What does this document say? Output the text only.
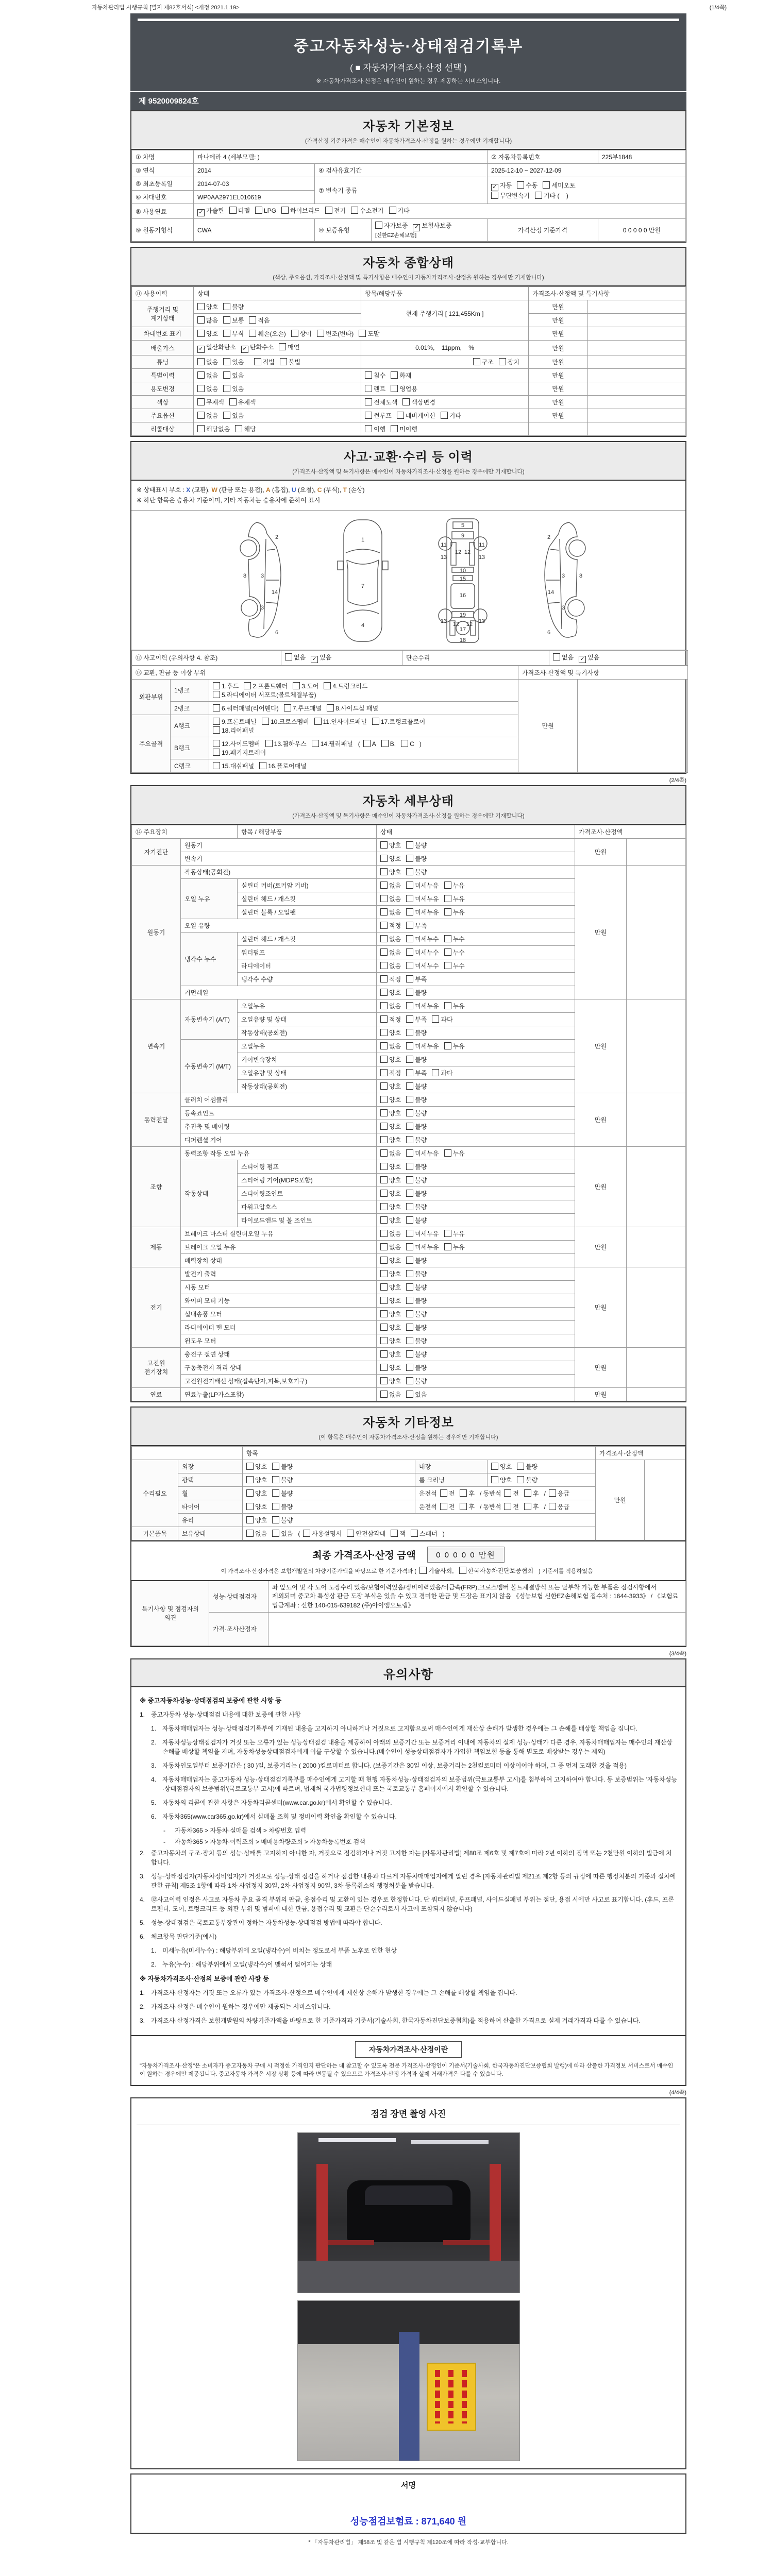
자동차관리법 시행규칙 [별지 제82호서식] <개정 2021.1.19>	(1/4쪽)
중고자동차성능·상태점검기록부
( ■ 자동차가격조사·산정 선택 )
※ 자동차가격조사·산정은 매수인이 원하는 경우 제공하는 서비스입니다.
제 9520009824호
자동차 기본정보
(가격산정 기준가격은 매수인이 자동차가격조사·산정을 원하는 경우에만 기재합니다)
① 차명	파나메라 4 (세부모델: )			② 자동차등록번호	225부1848
③ 연식	2014	④ 검사유효기간		2025-12-10 ~ 2027-12-09	
⑤ 최초등록일	2014-07-03	⑦ 변속기 종류		✓ 자동 수동 세미오토
무단변속기 기타 (    )	
⑥ 차대번호	WP0AA2971EL010619				
⑧ 사용연료	✓ 가솔린 디젤 LPG 하이브리드 전기 수소전기 기타				
⑨ 원동기형식	CWA	⑩ 보증유형	자가보증 ✓ 보험사보증[신한EZ손해보험]	가격산정 기준가격	0 0 0 0 0 만원
자동차 종합상태
(색상, 주요옵션, 가격조사·산정액 및 특기사항은 매수인이 자동차가격조사·산정을 원하는 경우에만 기재합니다)
⑪ 사용이력	상태	항목/해당부품	가격조사·산정액 및 특기사항	
주행거리 및 계기상태	양호 불량	현재 주행거리 [ 121,455Km ]	만원	
	많음 보통 적음		만원	
차대번호 표기	양호 부식 훼손(오손) 상이 변조(변타) 도말		만원	
배출가스	✓ 일산화탄소 ✓ 탄화수소 매연	0.01%,    11ppm,    %	만원	
튜닝	없음 있음 적법 불법	구조 장치	만원	
특별이력	없음 있음	침수 화재	만원	
용도변경	없음 있음	렌트 영업용	만원	
색상	무채색 유채색	전체도색 색상변경	만원	
주요옵션	없음 있음	썬루프 네비게이션 기타	만원	
리콜대상	해당없음 해당	이행 미이행		
사고·교환·수리 등 이력
(가격조사·산정액 및 특기사항은 매수인이 자동차가격조사·산정을 원하는 경우에만 기재합니다)
※ 상태표시 부호 : X (교환), W (판금 또는 용접), A (흠집), U (요철), C (부식), T (손상)
※ 하단 항목은 승용차 기준이며, 기타 자동차는 승용차에 준하여 표시
2
8	3
14
3
6
1
7
4
5
9
11	11
13	13
12 12
10
15
16
19
13	13
12 12
17
18
2
8
3
14
3
6
⑫ 사고이력 (유의사항 4. 참조)	없음 ✓ 있음	단순수리	없음 ✓ 있음
⑬ 교환, 판금 등 이상 부위			가격조사·산정액 및 특기사항	
외판부위	1랭크	1.후드 2.프론트휀더 3.도어 4.트렁크리드
5.라디에이터 서포트(볼트체결부품)	만원	
	2랭크	6.쿼터패널(리어휀다) 7.루프패널 8.사이드실 패널		
주요골격	A랭크	9.프론트패널 10.크로스멤버 11.인사이드패널 17.트렁크플로어
18.리어패널		
	B랭크	12.사이드멤버 13.휠하우스 14.필러패널 ( A B, C )
19.패키지트레이		
	C랭크	15.대쉬패널 16.플로어패널		
(2/4쪽)
자동차 세부상태
(가격조사·산정액 및 특기사항은 매수인이 자동차가격조사·산정을 원하는 경우에만 기재합니다)
⑭ 주요장치		항목 / 해당부품	상태	가격조사·산정액	
자기진단	원동기		양호 불량	만원	
	변속기		양호 불량		
원동기	작동상태(공회전)		양호 불량	만원	
	오일 누유	실린더 커버(로커암 커버)	없음 미세누유 누유		
		실린더 헤드 / 개스킷	없음 미세누유 누유		
		실린더 블록 / 오일팬	없음 미세누유 누유		
	오일 유량		적정 부족		
	냉각수 누수	실린더 헤드 / 개스킷	없음 미세누수 누수		
		워터펌프	없음 미세누수 누수		
		라디에이터	없음 미세누수 누수		
		냉각수 수량	적정 부족		
	커먼레일		양호 불량		
변속기	자동변속기 (A/T)	오일누유	없음 미세누유 누유	만원	
		오일유량 및 상태	적정 부족 과다		
		작동상태(공회전)	양호 불량		
	수동변속기 (M/T)	오일누유	없음 미세누유 누유		
		기어변속장치	양호 불량		
		오일유량 및 상태	적정 부족 과다		
		작동상태(공회전)	양호 불량		
동력전달	클러치 어셈블리		양호 불량	만원	
	등속죠인트		양호 불량		
	추진축 및 베어링		양호 불량		
	디퍼렌셜 기어		양호 불량		
조향	동력조향 작동 오일 누유		없음 미세누유 누유	만원	
	작동상태	스티어링 펌프	양호 불량		
		스티어링 기어(MDPS포함)	양호 불량		
		스티어링조인트	양호 불량		
		파워고압호스	양호 불량		
		타이로드엔드 및 볼 조인트	양호 불량		
제동	브레이크 마스터 실린더오일 누유		없음 미세누유 누유	만원	
	브레이크 오일 누유		없음 미세누유 누유		
	배력장치 상태		양호 불량		
전기	발전기 출력		양호 불량	만원	
	시동 모터		양호 불량		
	와이퍼 모터 기능		양호 불량		
	실내송풍 모터		양호 불량		
	라디에이터 팬 모터		양호 불량		
	윈도우 모터		양호 불량		
고전원 전기장치	충전구 절연 상태		양호 불량	만원	
	구동축전지 격리 상태		양호 불량		
	고전원전기배선 상태(접속단자,피복,보호기구)		양호 불량		
연료	연료누출(LP가스포함)		없음 있음	만원	
자동차 기타정보
(이 항목은 매수인이 자동차가격조사·산정을 원하는 경우에만 기재합니다)
		항목			가격조사·산정액	
수리필요	외장	양호 불량	내장	양호 불량	만원	
	광택	양호 불량	룸 크리닝	양호 불량		
	휠	양호 불량	운전석 전 후 / 동반석 전 후 / 응급			
	타이어	양호 불량	운전석 전 후 / 동반석 전 후 / 응급			
	유리	양호 불량				
기본품목	보유상태	없음 있음 ( 사용설명서 안전삼각대 잭 스패너 )				
최종 가격조사·산정 금액	0 0 0 0 0 만원
이 가격조사·산정가격은 보험개발원의 차량기준가액을 바탕으로 한 기준가격과 ( 기술사회, 한국자동차진단보증협회 ) 기준서를 적용하였음
특기사항 및 점검자의 의견	성능·상태점검자	좌 앞도어 및 각 도어 도장수리 있음/보험이력있음/정비이력있음/비금속(FRP),크로스멤버 볼트체결방식 또는 탈부착 가능한 부품은 점검사항에서 제외되며 중고차 특성상 판금 도장 부식은 있을 수 있고 경미한 판금 및 도장은 표기치 않음 《성능보험 신한EZ손해보험 접수처 : 1644-3933》 / 《보험료 입금계좌 : 신한 140-015-639182 (주)아이엠오토랩》
	가격·조사산정자	
(3/4쪽)
유의사항
※ 중고자동차성능·상태점검의 보증에 관한 사항 등
1. 중고자동차 성능·상태점검 내용에 대한 보증에 관한 사항
1. 자동차매매업자는 성능·상태점검기록부에 기재된 내용을 고지하지 아니하거나 거짓으로 고지함으로써 매수인에게 재산상 손해가 발생한 경우에는 그 손해를 배상할 책임을 집니다.
2. 자동차성능상태점검자가 거짓 또는 오류가 있는 성능상태점검 내용을 제공하여 아래의 보증기간 또는 보증거리 이내에 자동차의 실제 성능·상태가 다른 경우, 자동차매매업자는 매수인의 재산상 손해를 배상할 책임을 지며, 자동차성능상태점검자에게 이를 구상할 수 있습니다.(매수인이 성능상태점검자가 가입한 책임보험 등을 통해 별도로 배상받는 경우는 제외)
3. 자동차인도일부터 보증기간은 ( 30 )일, 보증거리는 ( 2000 )킬로미터로 합니다. (보증기간은 30일 이상, 보증거리는 2천킬로미터 이상이어야 하며, 그 중 먼저 도래한 것을 적용)
4. 자동차매매업자는 중고자동차 성능·상태점검기록부를 매수인에게 고지할 때 현행 자동차성능·상태점검자의 보증범위(국토교통부 고시)를 첨부하여 고지하여야 합니다. 동 보증범위는 '자동차성능·상태점검자의 보증범위'(국토교통부 고시)에 따르며, 법제처 국가법령정보센터 또는 국토교통부 홈페이지에서 확인할 수 있습니다.
5. 자동차의 리콜에 관한 사항은 자동차리콜센터(www.car.go.kr)에서 확인할 수 있습니다.
6. 자동차365(www.car365.go.kr)에서 실매물 조회 및 정비이력 확인을 확인할 수 있습니다.
-	자동차365 > 자동차·실매물 검색 > 차량번호 입력
-	자동차365 > 자동차·이력조회 > 매매용차량조회 > 자동차등록번호 검색
2. 중고자동차의 구조·장치 등의 성능·상태를 고지하지 아니한 자, 거짓으로 점검하거나 거짓 고지한 자는 [자동차관리법] 제80조 제6호 및 제7호에 따라 2년 이하의 징역 또는 2천만원 이하의 벌금에 처합니다.
3. 성능·상태점검자(자동차정비업자)가 거짓으로 성능·상태 점검을 하거나 점검한 내용과 다르게 자동차매매업자에게 알린 경우 [자동차관리법 제21조 제2항 등의 규정에 따른 행정처분의 기준과 절차에 관한 규칙] 제5조 1항에 따라 1차 사업정지 30일, 2차 사업정지 90일, 3차 등록취소의 행정처분을 받습니다.
4. ⑫사고이력 인정은 사고로 자동차 주요 골격 부위의 판금, 용접수리 및 교환이 있는 경우로 한정합니다. 단 쿼터패널, 루프패널, 사이드실패널 부위는 절단, 용접 시에만 사고로 표기합니다. (후드, 프론트펜더, 도어, 트렁크리드 등 외판 부위 및 범퍼에 대한 판금, 용접수리 및 교환은 단순수리로서 사고에 포함되지 않습니다)
5. 성능·상태점검은 국토교통부장관이 정하는 자동차성능·상태점검 방법에 따라야 합니다.
6. 체크항목 판단기준(예시)
1. 미세누유(미세누수) : 해당부위에 오일(냉각수)이 비치는 정도로서 부품 노후로 인한 현상
2. 누유(누수) : 해당부위에서 오일(냉각수)이 맺혀서 떨어지는 상태
※ 자동차가격조사·산정의 보증에 관한 사항 등
1. 가격조사·산정자는 거짓 또는 오류가 있는 가격조사·산정으로 매수인에게 재산상 손해가 발생한 경우에는 그 손해를 배상할 책임을 집니다.
2. 가격조사·산정은 매수인이 원하는 경우에만 제공되는 서비스입니다.
3. 가격조사·산정가격은 보험개발원의 차량기준가액을 바탕으로 한 기준가격과 기준서(기술사회, 한국자동차진단보증협회)를 적용하여 산출한 가격으로 실제 거래가격과 다를 수 있습니다.
자동차가격조사·산정이란
"자동차가격조사·산정"은 소비자가 중고자동차 구매 시 적정한 가격인지 판단하는 데 참고할 수 있도록 전문 가격조사·산정인이 기준서(기술사회, 한국자동차진단보증협회 발행)에 따라 산출한 가격정보 서비스로서 매수인이 원하는 경우에만 제공됩니다. 중고자동차 가격은 시장 상황 등에 따라 변동될 수 있으므로 가격조사·산정 가격과 실제 거래가격은 다를 수 있습니다.
(4/4쪽)
점검 장면 촬영 사진
서명
성능점검보험료 : 871,640 원
* 「자동차관리법」 제58조 및 같은 법 시행규칙 제120조에 따라 작성·교부합니다.
